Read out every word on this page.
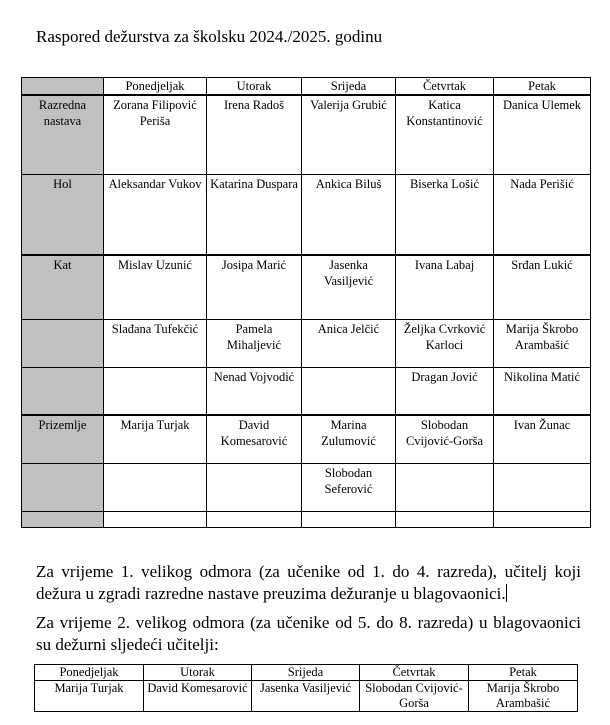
Raspored dežurstva za školsku 2024./2025. godinu
	Ponedjeljak	Utorak	Srijeda	Četvrtak	Petak
Razredna nastava	Zorana Filipović Periša	Irena Radoš	Valerija Grubić	Katica Konstantinović	Danica Ulemek
Hol	Aleksandar Vukov	Katarina Duspara	Ankica Biluš	Biserka Lošić	Nada Perišić
Kat	Mislav Uzunić	Josipa Marić	Jasenka Vasiljević	Ivana Labaj	Srđan Lukić
	Slađana Tufekčić	Pamela Mihaljević	Anica Jelčić	Željka Cvrković Karloci	Marija Škrobo Arambašić
		Nenad Vojvodić		Dragan Jović	Nikolina Matić
Prizemlje	Marija Turjak	David Komesarović	Marina Zulumović	Slobodan Cvijović-Gorša	Ivan Žunac
			Slobodan Seferović		

Za vrijeme 1. velikog odmora (za učenike od 1. do 4. razreda), učitelj koji dežura u zgradi razredne nastave preuzima dežuranje u blagovaonici.
Za vrijeme 2. velikog odmora (za učenike od 5. do 8. razreda) u blagovaonici su dežurni sljedeći učitelji:
Ponedjeljak	Utorak	Srijeda	Četvrtak	Petak
Marija Turjak	David Komesarović	Jasenka Vasiljević	Slobodan Cvijović-Gorša	Marija Škrobo Arambašić
